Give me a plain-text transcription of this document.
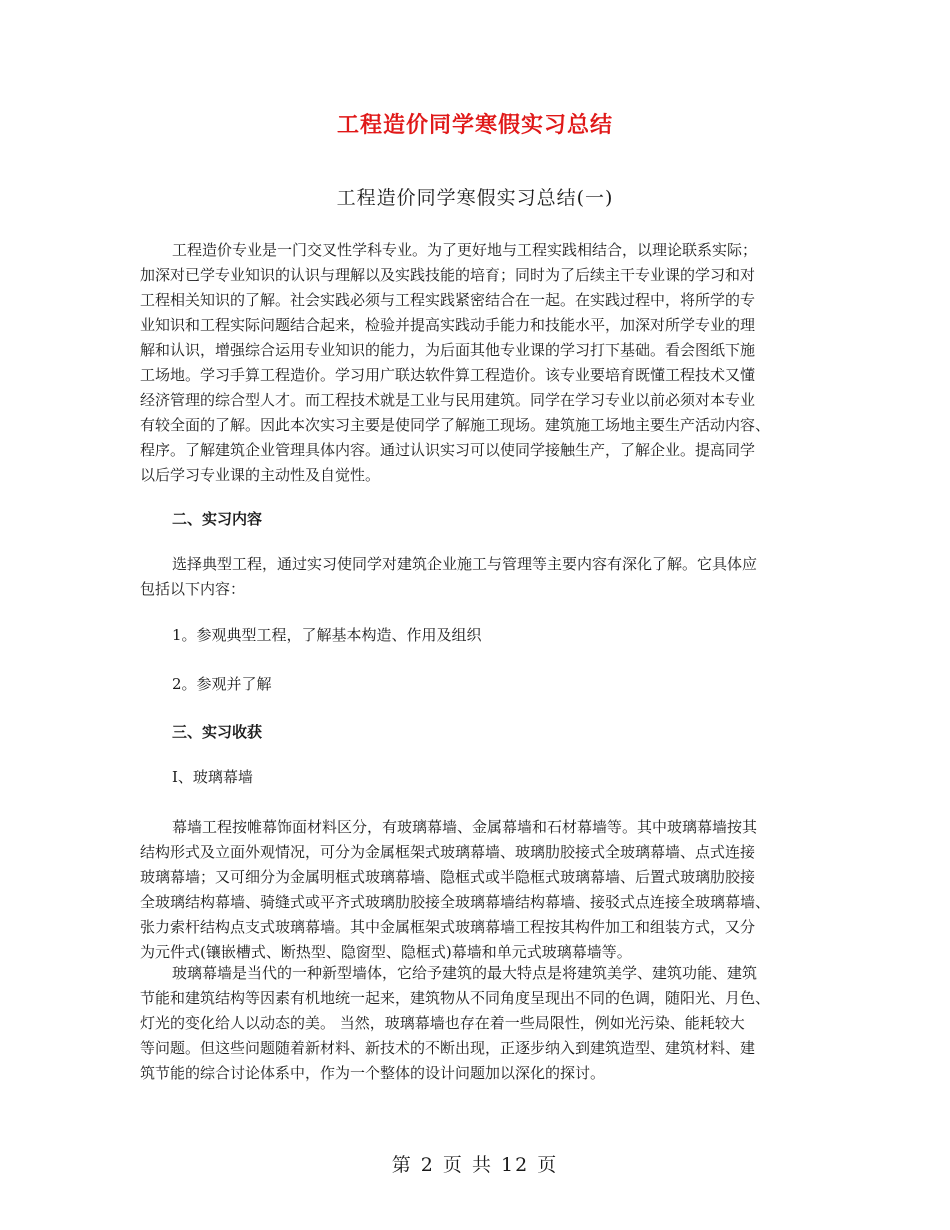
工程造价同学寒假实习总结
工程造价同学寒假实习总结(一)
工程造价专业是一门交叉性学科专业。为了更好地与工程实践相结合，以理论联系实际；
加深对已学专业知识的认识与理解以及实践技能的培育；同时为了后续主干专业课的学习和对
工程相关知识的了解。社会实践必须与工程实践紧密结合在一起。在实践过程中，将所学的专
业知识和工程实际问题结合起来，检验并提高实践动手能力和技能水平，加深对所学专业的理
解和认识，增强综合运用专业知识的能力，为后面其他专业课的学习打下基础。看会图纸下施
工场地。学习手算工程造价。学习用广联达软件算工程造价。该专业要培育既懂工程技术又懂
经济管理的综合型人才。而工程技术就是工业与民用建筑。同学在学习专业以前必须对本专业
有较全面的了解。因此本次实习主要是使同学了解施工现场。建筑施工场地主要生产活动内容、
程序。了解建筑企业管理具体内容。通过认识实习可以使同学接触生产，了解企业。提高同学
以后学习专业课的主动性及自觉性。
二、实习内容
选择典型工程，通过实习使同学对建筑企业施工与管理等主要内容有深化了解。它具体应
包括以下内容：
1。参观典型工程，了解基本构造、作用及组织
2。参观并了解
三、实习收获
I、玻璃幕墙
幕墙工程按帷幕饰面材料区分，有玻璃幕墙、金属幕墙和石材幕墙等。其中玻璃幕墙按其
结构形式及立面外观情况，可分为金属框架式玻璃幕墙、玻璃肋胶接式全玻璃幕墙、点式连接
玻璃幕墙；又可细分为金属明框式玻璃幕墙、隐框式或半隐框式玻璃幕墙、后置式玻璃肋胶接
全玻璃结构幕墙、骑缝式或平齐式玻璃肋胶接全玻璃幕墙结构幕墙、接驳式点连接全玻璃幕墙、
张力索杆结构点支式玻璃幕墙。其中金属框架式玻璃幕墙工程按其构件加工和组装方式，又分
为元件式(镶嵌槽式、断热型、隐窗型、隐框式)幕墙和单元式玻璃幕墙等。
玻璃幕墙是当代的一种新型墙体，它给予建筑的最大特点是将建筑美学、建筑功能、建筑
节能和建筑结构等因素有机地统一起来，建筑物从不同角度呈现出不同的色调，随阳光、月色、
灯光的变化给人以动态的美。 当然，玻璃幕墙也存在着一些局限性，例如光污染、能耗较大
等问题。但这些问题随着新材料、新技术的不断出现，正逐步纳入到建筑造型、建筑材料、建
筑节能的综合讨论体系中，作为一个整体的设计问题加以深化的探讨。
第 2 页 共 12 页
